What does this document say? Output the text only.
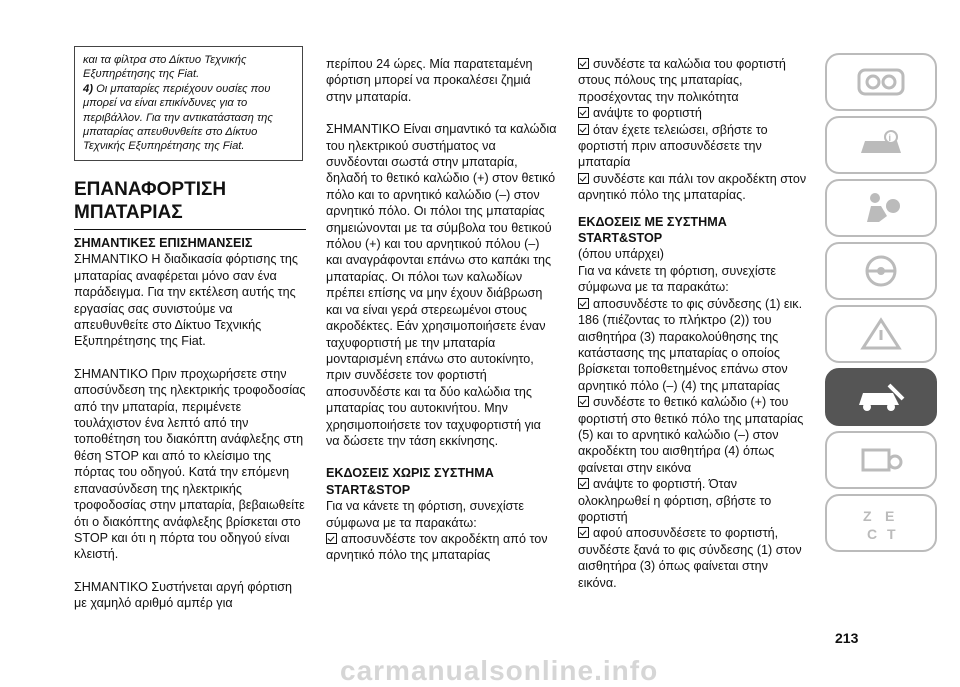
και τα φίλτρα στο Δίκτυο Τεχνικής Εξυπηρέτησης της Fiat.
4) Οι μπαταρίες περιέχουν ουσίες που μπορεί να είναι επικίνδυνες για το περιβάλλον. Για την αντικατάσταση της μπαταρίας απευθυνθείτε στο Δίκτυο Τεχνικής Εξυπηρέτησης της Fiat.
ΕΠΑΝΑΦΟΡΤΙΣΗ ΜΠΑΤΑΡΙΑΣ
ΣΗΜΑΝΤΙΚΕΣ ΕΠΙΣΗΜΑΝΣΕΙΣ

ΣΗΜΑΝΤΙΚΟ Η διαδικασία φόρτισης της μπαταρίας αναφέρεται μόνο σαν ένα παράδειγμα. Για την εκτέλεση αυτής της εργασίας σας συνιστούμε να απευθυνθείτε στο Δίκτυο Τεχνικής Εξυπηρέτησης της Fiat.

ΣΗΜΑΝΤΙΚΟ Πριν προχωρήσετε στην αποσύνδεση της ηλεκτρικής τροφοδοσίας από την μπαταρία, περιμένετε τουλάχιστον ένα λεπτό από την τοποθέτηση του διακόπτη ανάφλεξης στη θέση STOP και από το κλείσιμο της πόρτας του οδηγού. Κατά την επόμενη επανασύνδεση της ηλεκτρικής τροφοδοσίας στην μπαταρία, βεβαιωθείτε ότι ο διακόπτης ανάφλεξης βρίσκεται στο STOP και ότι η πόρτα του οδηγού είναι κλειστή.

ΣΗΜΑΝΤΙΚΟ Συστήνεται αργή φόρτιση με χαμηλό αριθμό αμπέρ για

περίπου 24 ώρες. Μία παρατεταμένη φόρτιση μπορεί να προκαλέσει ζημιά στην μπαταρία.

ΣΗΜΑΝΤΙΚΟ Είναι σημαντικό τα καλώδια του ηλεκτρικού συστήματος να συνδέονται σωστά στην μπαταρία, δηλαδή το θετικό καλώδιο (+) στον θετικό πόλο και το αρνητικό καλώδιο (–) στον αρνητικό πόλο. Οι πόλοι της μπαταρίας σημειώνονται με τα σύμβολα του θετικού πόλου (+) και του αρνητικού πόλου (–) και αναγράφονται επάνω στο καπάκι της μπαταρίας. Οι πόλοι των καλωδίων πρέπει επίσης να μην έχουν διάβρωση και να είναι γερά στερεωμένοι στους ακροδέκτες. Εάν χρησιμοποιήσετε έναν ταχυφορτιστή με την μπαταρία μονταρισμένη επάνω στο αυτοκίνητο, πριν συνδέσετε τον φορτιστή αποσυνδέστε και τα δύο καλώδια της μπαταρίας του αυτοκινήτου. Μην χρησιμοποιήσετε τον ταχυφορτιστή για να δώσετε την τάση εκκίνησης.

ΕΚΔΟΣΕΙΣ ΧΩΡΙΣ ΣΥΣΤΗΜΑ START&STOP
Για να κάνετε τη φόρτιση, συνεχίστε σύμφωνα με τα παρακάτω:
αποσυνδέστε τον ακροδέκτη από τον αρνητικό πόλο της μπαταρίας
συνδέστε τα καλώδια του φορτιστή στους πόλους της μπαταρίας, προσέχοντας την πολικότητα
ανάψτε το φορτιστή
όταν έχετε τελειώσει, σβήστε το φορτιστή πριν αποσυνδέσετε την μπαταρία
συνδέστε και πάλι τον ακροδέκτη στον αρνητικό πόλο της μπαταρίας.
ΕΚΔΟΣΕΙΣ ΜΕ ΣΥΣΤΗΜΑ START&STOP
(όπου υπάρχει)
Για να κάνετε τη φόρτιση, συνεχίστε σύμφωνα με τα παρακάτω:
αποσυνδέστε το φις σύνδεσης (1) εικ. 186 (πιέζοντας το πλήκτρο (2)) του αισθητήρα (3) παρακολούθησης της κατάστασης της μπαταρίας ο οποίος βρίσκεται τοποθετημένος επάνω στον αρνητικό πόλο (–) (4) της μπαταρίας
συνδέστε το θετικό καλώδιο (+) του φορτιστή στο θετικό πόλο της μπαταρίας (5) και το αρνητικό καλώδιο (–) στον ακροδέκτη του αισθητήρα (4) όπως φαίνεται στην εικόνα
ανάψτε το φορτιστή. Όταν ολοκληρωθεί η φόρτιση, σβήστε το φορτιστή
αφού αποσυνδέσετε το φορτιστή, συνδέστε ξανά το φις σύνδεσης (1) στον αισθητήρα (3) όπως φαίνεται στην εικόνα.
i
Z E
C T
213
carmanualsonline.info
